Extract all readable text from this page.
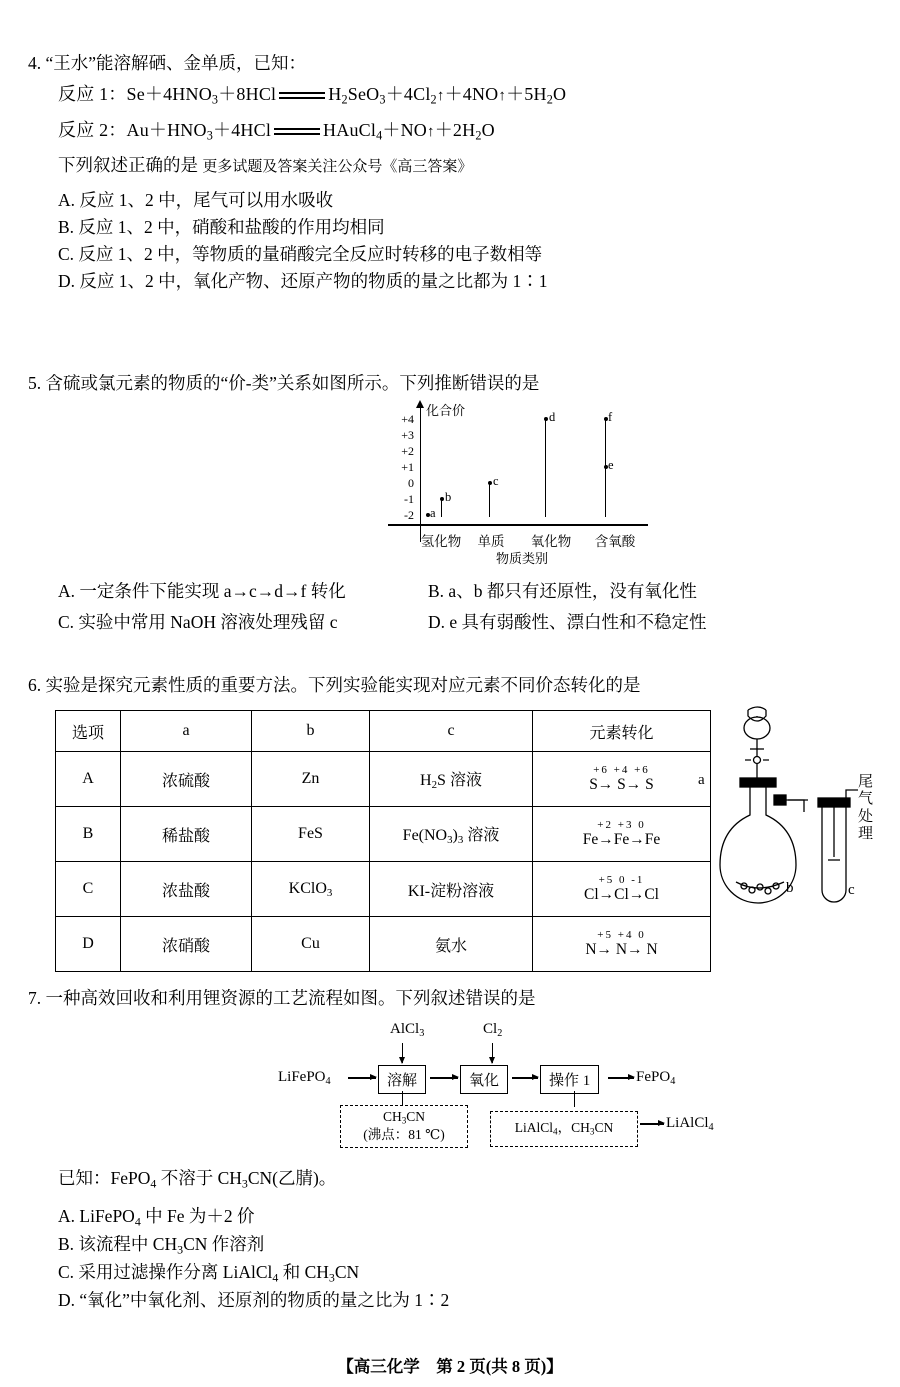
4. “王水”能溶解硒、金单质，已知：
反应 1：$Se+4HNO_3+8HCl$	$H_2SeO_3+4Cl_2↑+4NO↑+5H_2O$
反应 2：$Au+HNO_3+4HCl$	$HAuCl_4+NO↑+2H_2O$
下列叙述正确的是 更多试题及答案关注公众号《高三答案》
A. 反应 1、2 中，尾气可以用水吸收
B. 反应 1、2 中，硝酸和盐酸的作用均相同
C. 反应 1、2 中，等物质的量硝酸完全反应时转移的电子数相等
D. 反应 1、2 中，氧化产物、还原产物的物质的量之比都为 1∶1
5. 含硫或氯元素的物质的“价-类”关系如图所示。下列推断错误的是
化合价
物质类别
+4
+3
+2
+1
0
-1
-2 a
b
c
d
e
f
氢化物	单质	氧化物	含氧酸
A. 一定条件下能实现 a→c→d→f 转化	B. a、b 都只有还原性，没有氧化性
C. 实验中常用 NaOH 溶液处理残留 c	D. e 具有弱酸性、漂白性和不稳定性
6. 实验是探究元素性质的重要方法。下列实验能实现对应元素不同价态转化的是
选项	a	b	c	元素转化
A	浓硫酸	Zn	$H_2S$ 溶液	+6 +4 +6
S→ S→ S
B	稀盐酸	FeS	$Fe(NO_3)_3$ 溶液	+2 +3 0
Fe→Fe→Fe
C	浓盐酸	KClO$_3$	KI-淀粉溶液	+5 0 -1
Cl→Cl→Cl
D	浓硝酸	Cu	氨水	+5 +4 0
N→ N→ N
a
b	c
尾气处理
7. 一种高效回收和利用锂资源的工艺流程如图。下列叙述错误的是
AlCl$_3$	$Cl_2$
LiFePO$_4$	溶解	氧化	操作 1	FePO$_4$
$CH_3CN$
(沸点：81 ℃)	LiAlCl$_4$，$CH_3CN$	LiAlCl$_4$
已知：FePO$_4$ 不溶于 $CH_3CN$(乙腈)。
A. LiFePO$_4$ 中 Fe 为＋2 价
B. 该流程中 $CH_3CN$ 作溶剂
C. 采用过滤操作分离 LiAlCl$_4$ 和 $CH_3CN$
D. “氧化”中氧化剂、还原剂的物质的量之比为 1∶2
【高三化学　第 2 页(共 8 页)】
